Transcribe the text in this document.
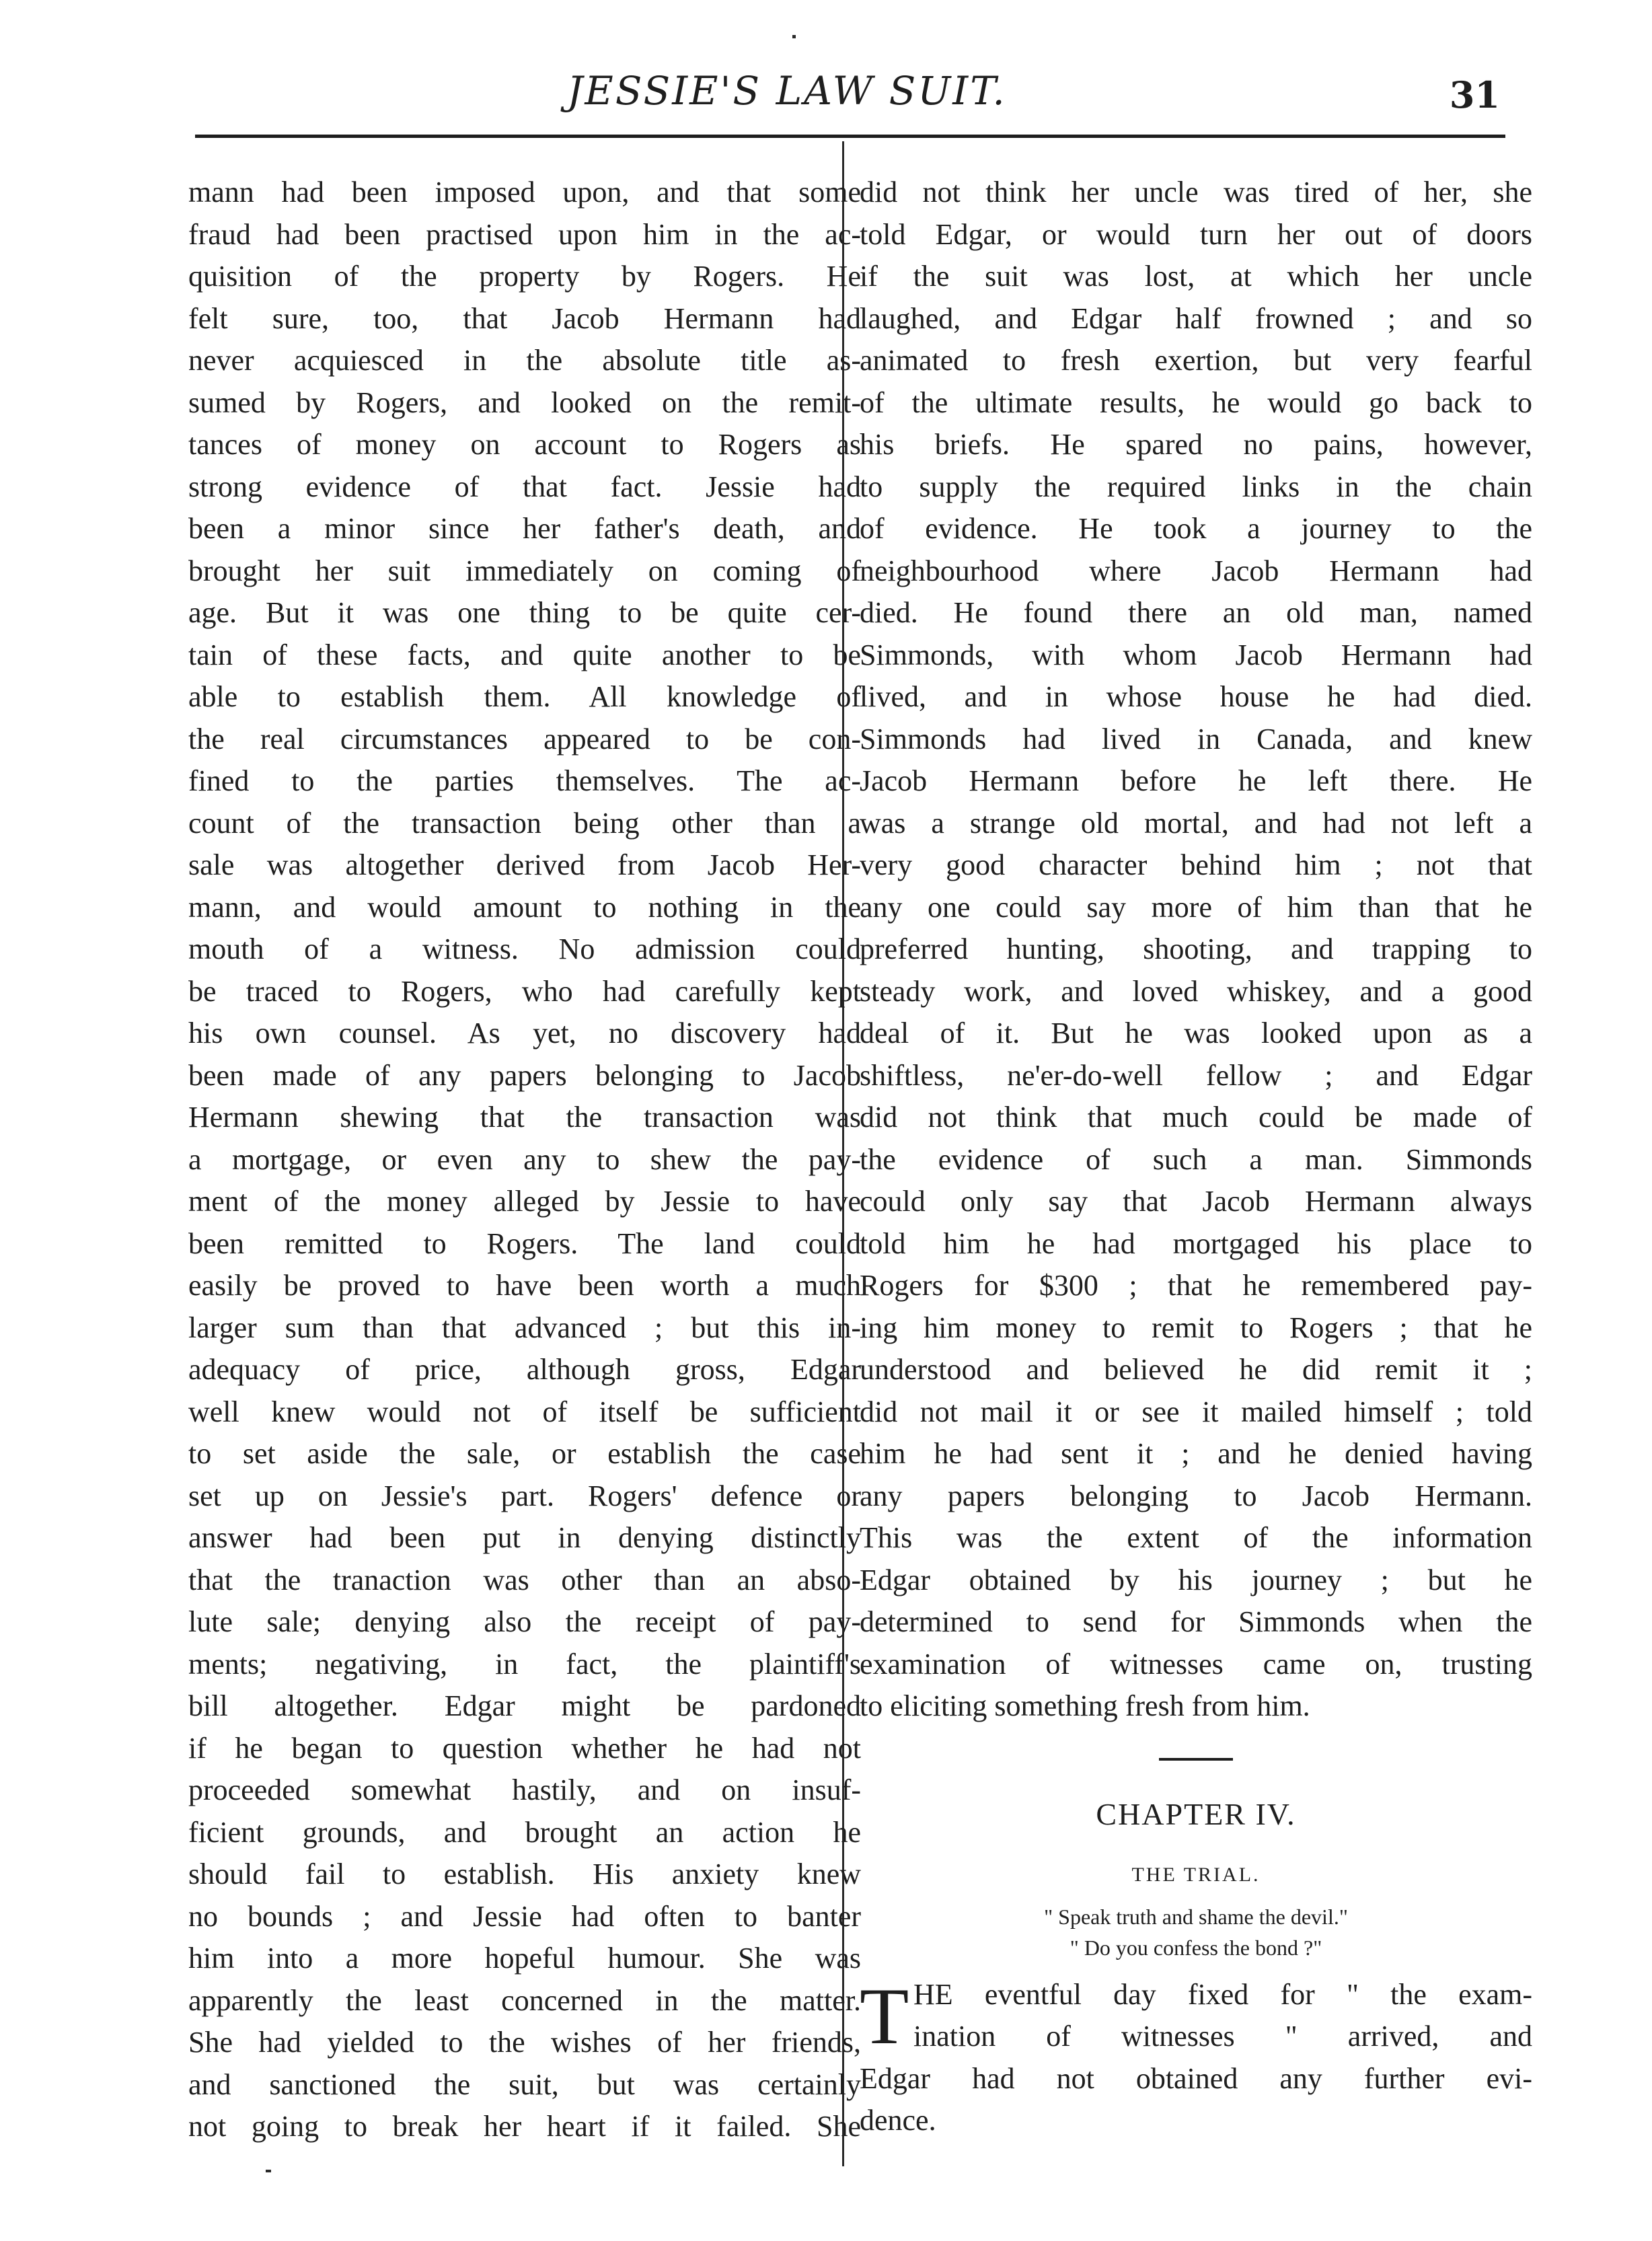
JESSIE'S LAW SUIT.	31
mann had been imposed upon, and that some
fraud had been practised upon him in the ac-
quisition of the property by Rogers. He
felt sure, too, that Jacob Hermann had
never acquiesced in the absolute title as-
sumed by Rogers, and looked on the remit-
tances of money on account to Rogers as
strong evidence of that fact. Jessie had
been a minor since her father's death, and
brought her suit immediately on coming of
age. But it was one thing to be quite cer-
tain of these facts, and quite another to be
able to establish them. All knowledge of
the real circumstances appeared to be con-
fined to the parties themselves. The ac-
count of the transaction being other than a
sale was altogether derived from Jacob Her-
mann, and would amount to nothing in the
mouth of a witness. No admission could
be traced to Rogers, who had carefully kept
his own counsel. As yet, no discovery had
been made of any papers belonging to Jacob
Hermann shewing that the transaction was
a mortgage, or even any to shew the pay-
ment of the money alleged by Jessie to have
been remitted to Rogers. The land could
easily be proved to have been worth a much
larger sum than that advanced ; but this in-
adequacy of price, although gross, Edgar
well knew would not of itself be sufficient
to set aside the sale, or establish the case
set up on Jessie's part. Rogers' defence or
answer had been put in denying distinctly
that the tranaction was other than an abso-
lute sale; denying also the receipt of pay-
ments; negativing, in fact, the plaintiff's
bill altogether. Edgar might be pardoned
if he began to question whether he had not
proceeded somewhat hastily, and on insuf-
ficient grounds, and brought an action he
should fail to establish. His anxiety knew
no bounds ; and Jessie had often to banter
him into a more hopeful humour. She was
apparently the least concerned in the matter.
She had yielded to the wishes of her friends,
and sanctioned the suit, but was certainly
not going to break her heart if it failed. She
did not think her uncle was tired of her, she
told Edgar, or would turn her out of doors
if the suit was lost, at which her uncle
laughed, and Edgar half frowned ; and so
animated to fresh exertion, but very fearful
of the ultimate results, he would go back to
his briefs. He spared no pains, however,
to supply the required links in the chain
of evidence. He took a journey to the
neighbourhood where Jacob Hermann had
died. He found there an old man, named
Simmonds, with whom Jacob Hermann had
lived, and in whose house he had died.
Simmonds had lived in Canada, and knew
Jacob Hermann before he left there. He
was a strange old mortal, and had not left a
very good character behind him ; not that
any one could say more of him than that he
preferred hunting, shooting, and trapping to
steady work, and loved whiskey, and a good
deal of it. But he was looked upon as a
shiftless, ne'er-do-well fellow ; and Edgar
did not think that much could be made of
the evidence of such a man. Simmonds
could only say that Jacob Hermann always
told him he had mortgaged his place to
Rogers for $300 ; that he remembered pay-
ing him money to remit to Rogers ; that he
understood and believed he did remit it ;
did not mail it or see it mailed himself ; told
him he had sent it ; and he denied having
any papers belonging to Jacob Hermann.
This was the extent of the information
Edgar obtained by his journey ; but he
determined to send for Simmonds when the
examination of witnesses came on, trusting
to eliciting something fresh from him.
CHAPTER IV.
THE TRIAL.
" Speak truth and shame the devil."
" Do you confess the bond ?"
T HE eventful day fixed for " the exam-
ination of witnesses " arrived, and
Edgar had not obtained any further evi-
dence.
